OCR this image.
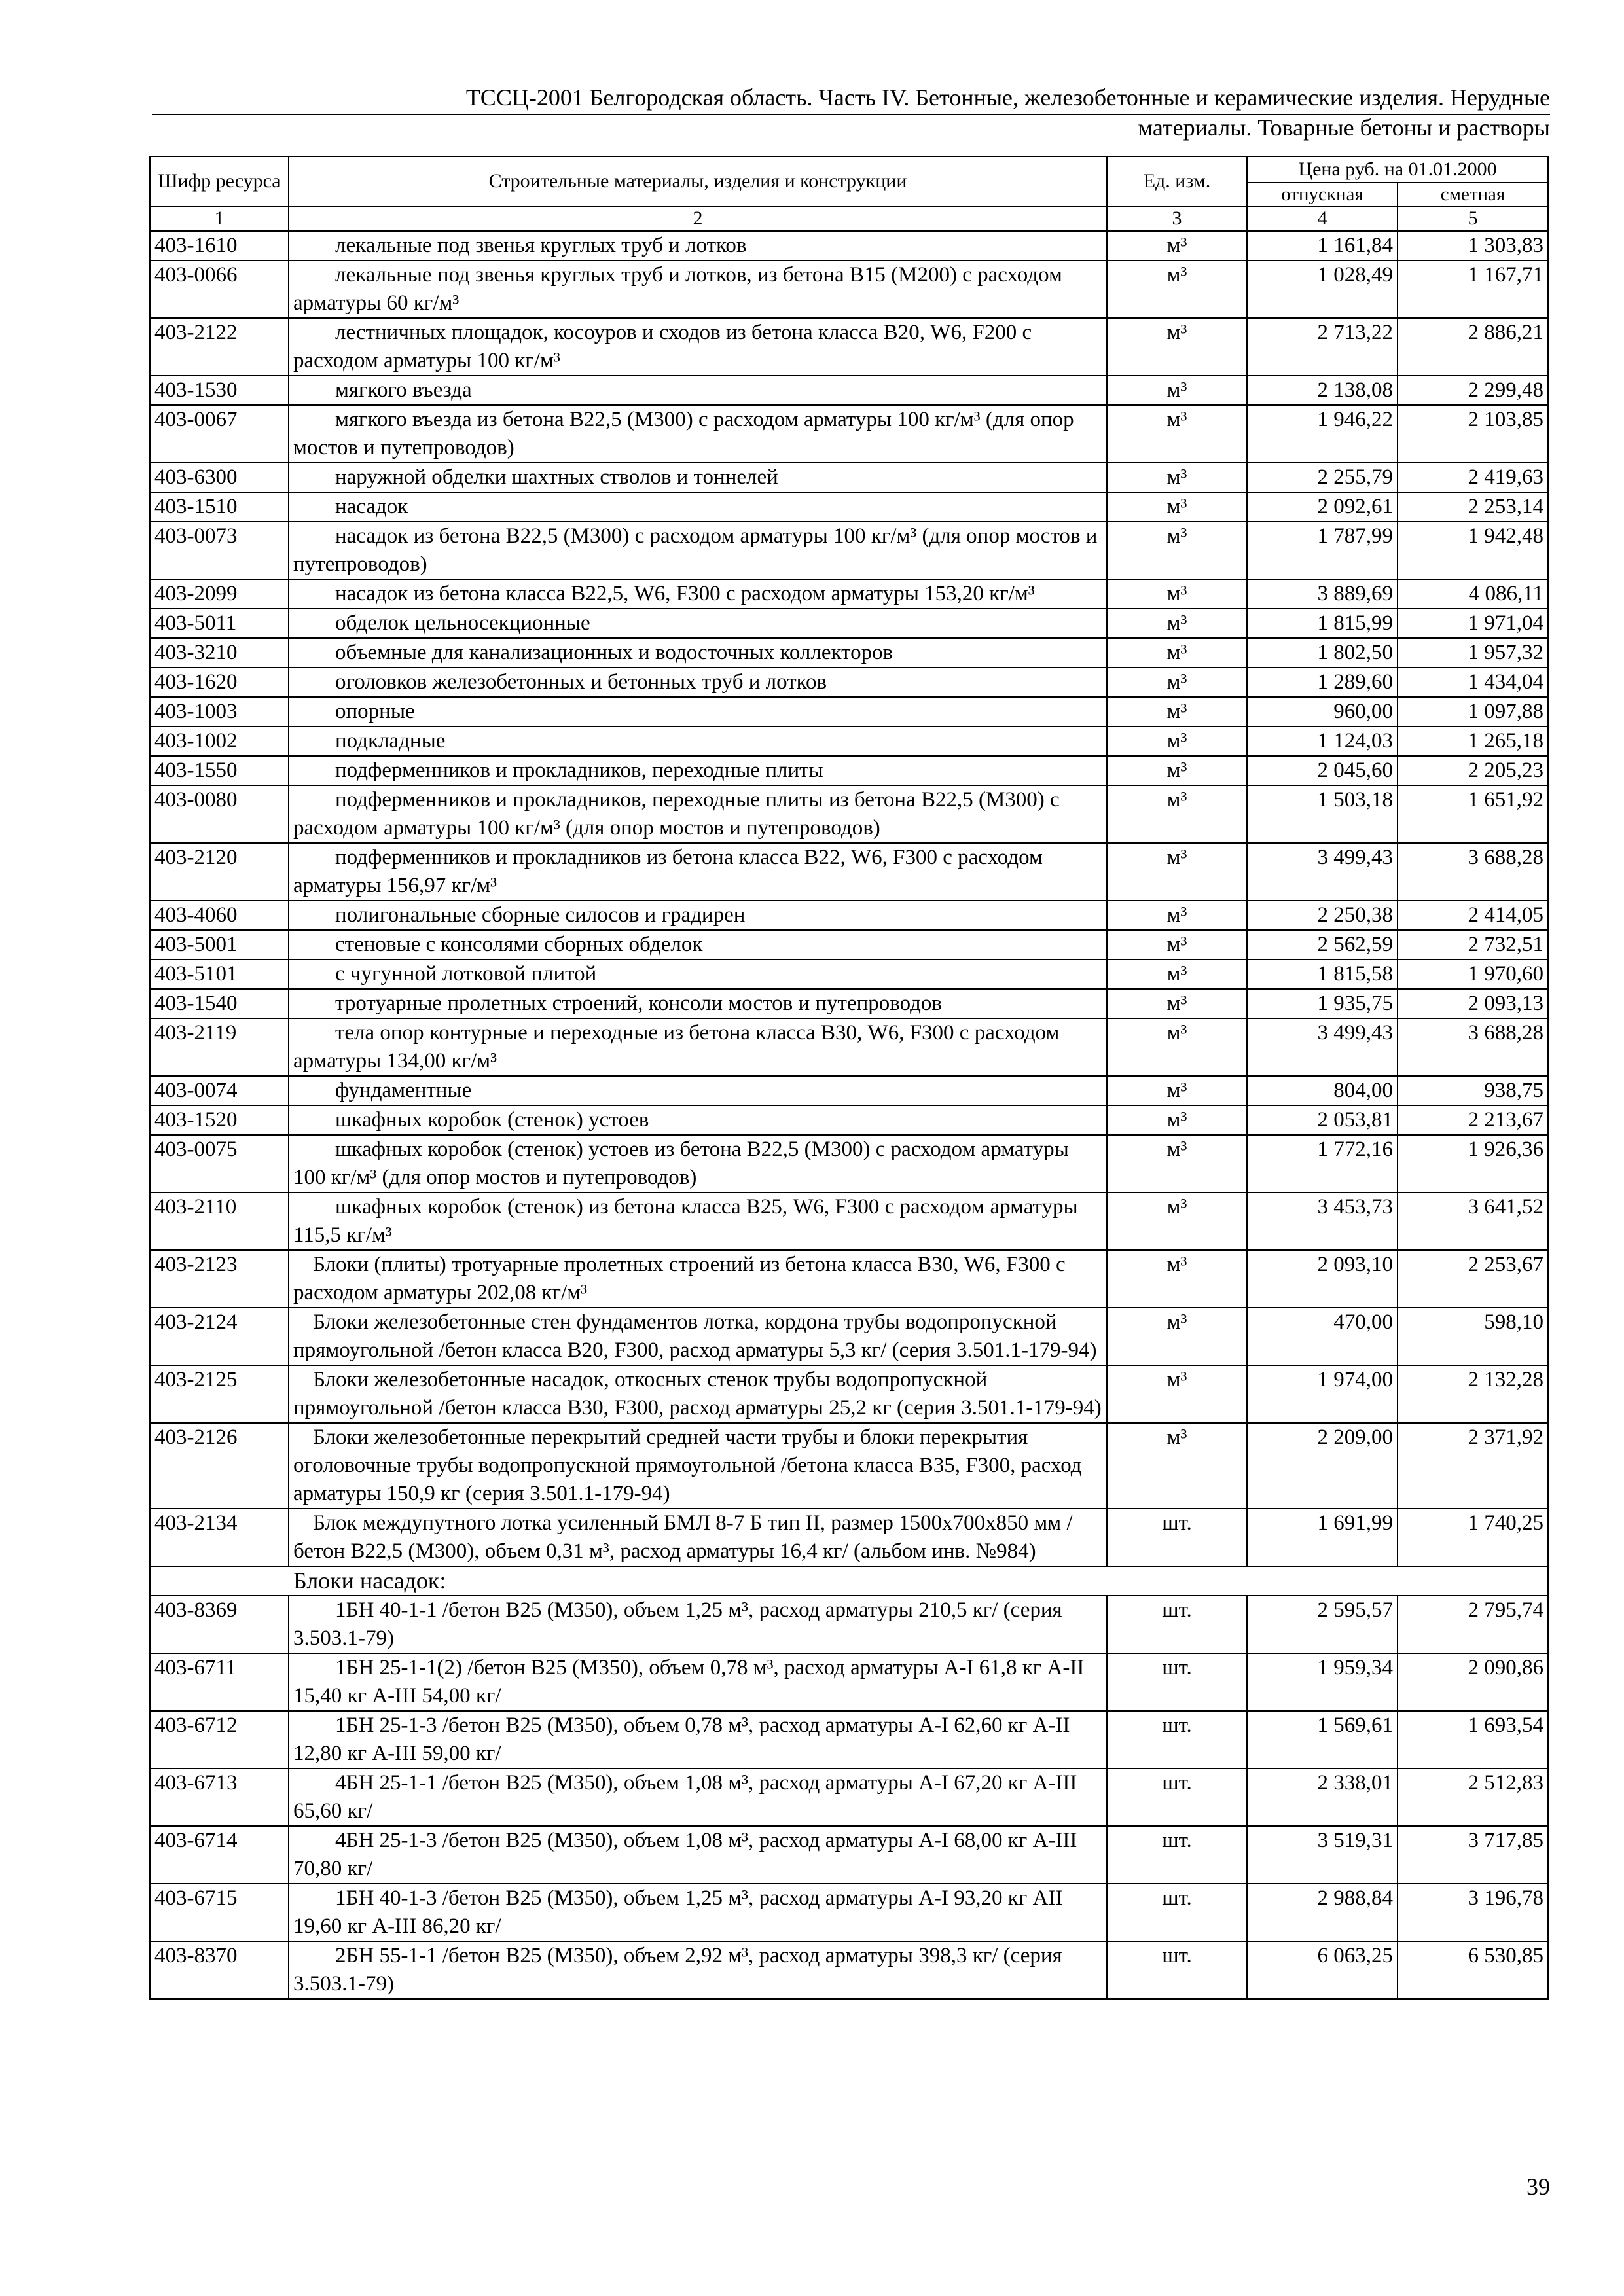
ТССЦ-2001 Белгородская область. Часть IV. Бетонные, железобетонные и керамические изделия. Нерудные
материалы. Товарные бетоны и растворы
Шифр ресурса	Строительные материалы, изделия и конструкции	Ед. изм.	Цена руб. на 01.01.2000	
			отпускная	сметная
1	2	3	4	5
403-1610	лекальные под звенья круглых труб и лотков	м³	1 161,84	1 303,83
403-0066	лекальные под звенья круглых труб и лотков, из бетона В15 (М200) с расходом арматуры 60 кг/м³	м³	1 028,49	1 167,71
403-2122	лестничных площадок, косоуров и сходов из бетона класса В20, W6, F200 с расходом арматуры 100 кг/м³	м³	2 713,22	2 886,21
403-1530	мягкого въезда	м³	2 138,08	2 299,48
403-0067	мягкого въезда из бетона В22,5 (М300) с расходом арматуры 100 кг/м³ (для опор мостов и путепроводов)	м³	1 946,22	2 103,85
403-6300	наружной обделки шахтных стволов и тоннелей	м³	2 255,79	2 419,63
403-1510	насадок	м³	2 092,61	2 253,14
403-0073	насадок из бетона В22,5 (М300) с расходом арматуры 100 кг/м³ (для опор мостов и путепроводов)	м³	1 787,99	1 942,48
403-2099	насадок из бетона класса В22,5, W6, F300 с расходом арматуры 153,20 кг/м³	м³	3 889,69	4 086,11
403-5011	обделок цельносекционные	м³	1 815,99	1 971,04
403-3210	объемные для канализационных и водосточных коллекторов	м³	1 802,50	1 957,32
403-1620	оголовков железобетонных и бетонных труб и лотков	м³	1 289,60	1 434,04
403-1003	опорные	м³	960,00	1 097,88
403-1002	подкладные	м³	1 124,03	1 265,18
403-1550	подферменников и прокладников, переходные плиты	м³	2 045,60	2 205,23
403-0080	подферменников и прокладников, переходные плиты из бетона В22,5 (М300) с расходом арматуры 100 кг/м³ (для опор мостов и путепроводов)	м³	1 503,18	1 651,92
403-2120	подферменников и прокладников из бетона класса В22, W6, F300 с расходом арматуры 156,97 кг/м³	м³	3 499,43	3 688,28
403-4060	полигональные сборные силосов и градирен	м³	2 250,38	2 414,05
403-5001	стеновые с консолями сборных обделок	м³	2 562,59	2 732,51
403-5101	с чугунной лотковой плитой	м³	1 815,58	1 970,60
403-1540	тротуарные пролетных строений, консоли мостов и путепроводов	м³	1 935,75	2 093,13
403-2119	тела опор контурные и переходные из бетона класса В30, W6, F300 с расходом арматуры 134,00 кг/м³	м³	3 499,43	3 688,28
403-0074	фундаментные	м³	804,00	938,75
403-1520	шкафных коробок (стенок) устоев	м³	2 053,81	2 213,67
403-0075	шкафных коробок (стенок) устоев из бетона В22,5 (М300) с расходом арматуры 100 кг/м³ (для опор мостов и путепроводов)	м³	1 772,16	1 926,36
403-2110	шкафных коробок (стенок) из бетона класса В25, W6, F300 с расходом арматуры 115,5 кг/м³	м³	3 453,73	3 641,52
403-2123	Блоки (плиты) тротуарные пролетных строений из бетона класса В30, W6, F300 с расходом арматуры 202,08 кг/м³	м³	2 093,10	2 253,67
403-2124	Блоки железобетонные стен фундаментов лотка, кордона трубы водопропускной прямоугольной /бетон класса В20, F300, расход арматуры 5,3 кг/ (серия 3.501.1-179-94)	м³	470,00	598,10
403-2125	Блоки железобетонные насадок, откосных стенок трубы водопропускной прямоугольной /бетон класса В30, F300, расход арматуры 25,2 кг (серия 3.501.1-179-94)	м³	1 974,00	2 132,28
403-2126	Блоки железобетонные перекрытий средней части трубы и блоки перекрытия оголовочные трубы водопропускной прямоугольной /бетона класса В35, F300, расход арматуры 150,9 кг (серия 3.501.1-179-94)	м³	2 209,00	2 371,92
403-2134	Блок междупутного лотка усиленный БМЛ 8-7 Б тип II, размер 1500х700х850 мм /бетон В22,5 (М300), объем 0,31 м³, расход арматуры 16,4 кг/ (альбом инв. №984)	шт.	1 691,99	1 740,25
Блоки насадок:				
403-8369	1БН 40-1-1 /бетон В25 (М350), объем 1,25 м³, расход арматуры 210,5 кг/ (серия 3.503.1-79)	шт.	2 595,57	2 795,74
403-6711	1БН 25-1-1(2) /бетон В25 (М350), объем 0,78 м³, расход арматуры А-I 61,8 кг А-II 15,40 кг А-III 54,00 кг/	шт.	1 959,34	2 090,86
403-6712	1БН 25-1-3 /бетон В25 (М350), объем 0,78 м³, расход арматуры А-I 62,60 кг А-II 12,80 кг А-III 59,00 кг/	шт.	1 569,61	1 693,54
403-6713	4БН 25-1-1 /бетон В25 (М350), объем 1,08 м³, расход арматуры А-I 67,20 кг А-III 65,60 кг/	шт.	2 338,01	2 512,83
403-6714	4БН 25-1-3 /бетон В25 (М350), объем 1,08 м³, расход арматуры А-I 68,00 кг А-III 70,80 кг/	шт.	3 519,31	3 717,85
403-6715	1БН 40-1-3 /бетон В25 (М350), объем 1,25 м³, расход арматуры А-I 93,20 кг АII 19,60 кг А-III 86,20 кг/	шт.	2 988,84	3 196,78
403-8370	2БН 55-1-1 /бетон В25 (М350), объем 2,92 м³, расход арматуры 398,3 кг/ (серия 3.503.1-79)	шт.	6 063,25	6 530,85
39
